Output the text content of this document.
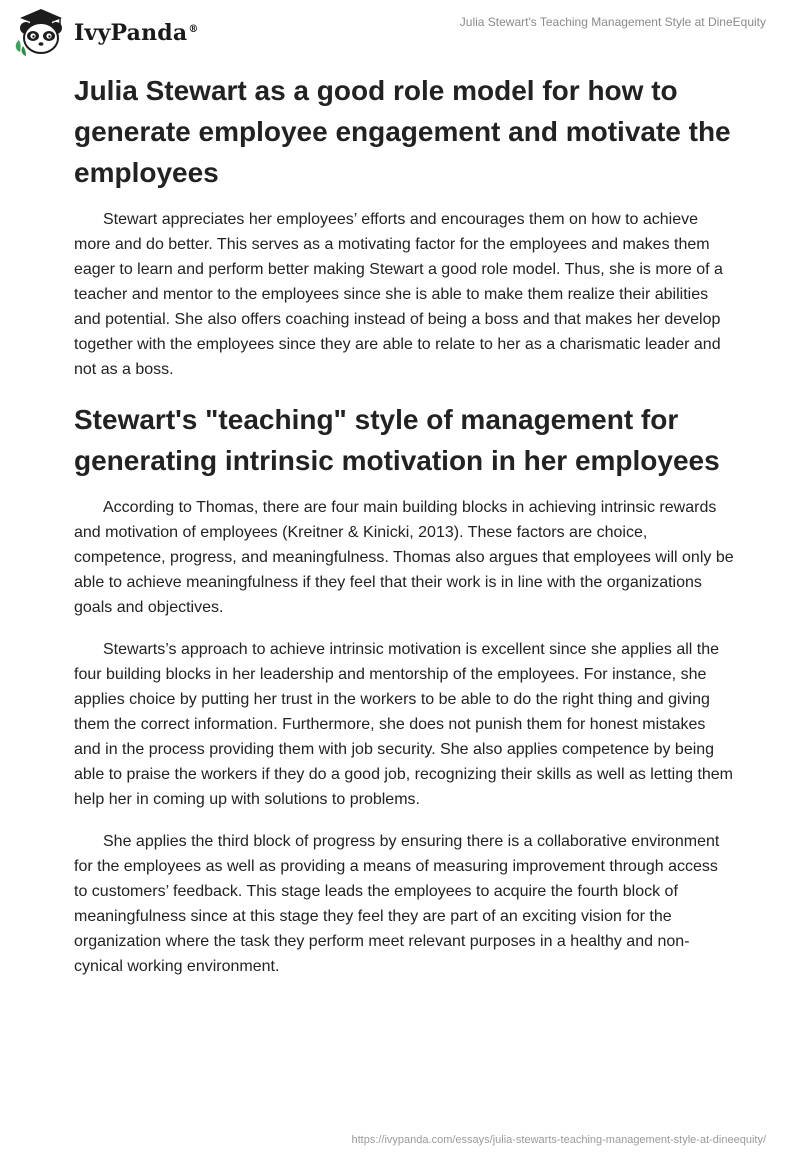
IvyPanda®
Julia Stewart's Teaching Management Style at DineEquity
Julia Stewart as a good role model for how to generate employee engagement and motivate the employees

Stewart appreciates her employees’ efforts and encourages them on how to achieve more and do better. This serves as a motivating factor for the employees and makes them eager to learn and perform better making Stewart a good role model. Thus, she is more of a teacher and mentor to the employees since she is able to make them realize their abilities and potential. She also offers coaching instead of being a boss and that makes her develop together with the employees since they are able to relate to her as a charismatic leader and not as a boss.

Stewart's "teaching" style of management for generating intrinsic motivation in her employees

According to Thomas, there are four main building blocks in achieving intrinsic rewards and motivation of employees (Kreitner & Kinicki, 2013). These factors are choice, competence, progress, and meaningfulness. Thomas also argues that employees will only be able to achieve meaningfulness if they feel that their work is in line with the organizations goals and objectives.

Stewarts’s approach to achieve intrinsic motivation is excellent since she applies all the four building blocks in her leadership and mentorship of the employees. For instance, she applies choice by putting her trust in the workers to be able to do the right thing and giving them the correct information. Furthermore, she does not punish them for honest mistakes and in the process providing them with job security. She also applies competence by being able to praise the workers if they do a good job, recognizing their skills as well as letting them help her in coming up with solutions to problems.

She applies the third block of progress by ensuring there is a collaborative environment for the employees as well as providing a means of measuring improvement through access to customers’ feedback. This stage leads the employees to acquire the fourth block of meaningfulness since at this stage they feel they are part of an exciting vision for the organization where the task they perform meet relevant purposes in a healthy and non-cynical working environment.

https://ivypanda.com/essays/julia-stewarts-teaching-management-style-at-dineequity/
